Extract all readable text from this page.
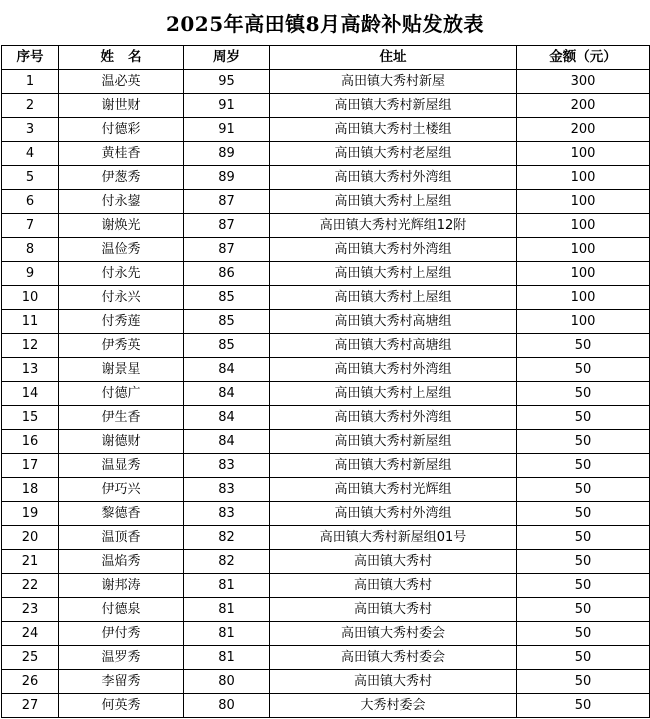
2025年高田镇8月高龄补贴发放表
序号	姓名	周岁	住址	金额（元）
1	温必英	95	高田镇大秀村新屋	300
2	谢世财	91	高田镇大秀村新屋组	200
3	付德彩	91	高田镇大秀村土楼组	200
4	黄桂香	89	高田镇大秀村老屋组	100
5	伊葱秀	89	高田镇大秀村外湾组	100
6	付永鋆	87	高田镇大秀村上屋组	100
7	谢焕光	87	高田镇大秀村光辉组12附	100
8	温俭秀	87	高田镇大秀村外湾组	100
9	付永先	86	高田镇大秀村上屋组	100
10	付永兴	85	高田镇大秀村上屋组	100
11	付秀莲	85	高田镇大秀村高塘组	100
12	伊秀英	85	高田镇大秀村高塘组	50
13	谢景星	84	高田镇大秀村外湾组	50
14	付德广	84	高田镇大秀村上屋组	50
15	伊生香	84	高田镇大秀村外湾组	50
16	谢德财	84	高田镇大秀村新屋组	50
17	温显秀	83	高田镇大秀村新屋组	50
18	伊巧兴	83	高田镇大秀村光辉组	50
19	黎德香	83	高田镇大秀村外湾组	50
20	温顶香	82	高田镇大秀村新屋组01号	50
21	温焰秀	82	高田镇大秀村	50
22	谢邦涛	81	高田镇大秀村	50
23	付德泉	81	高田镇大秀村	50
24	伊付秀	81	高田镇大秀村委会	50
25	温罗秀	81	高田镇大秀村委会	50
26	李留秀	80	高田镇大秀村	50
27	何英秀	80	大秀村委会	50
